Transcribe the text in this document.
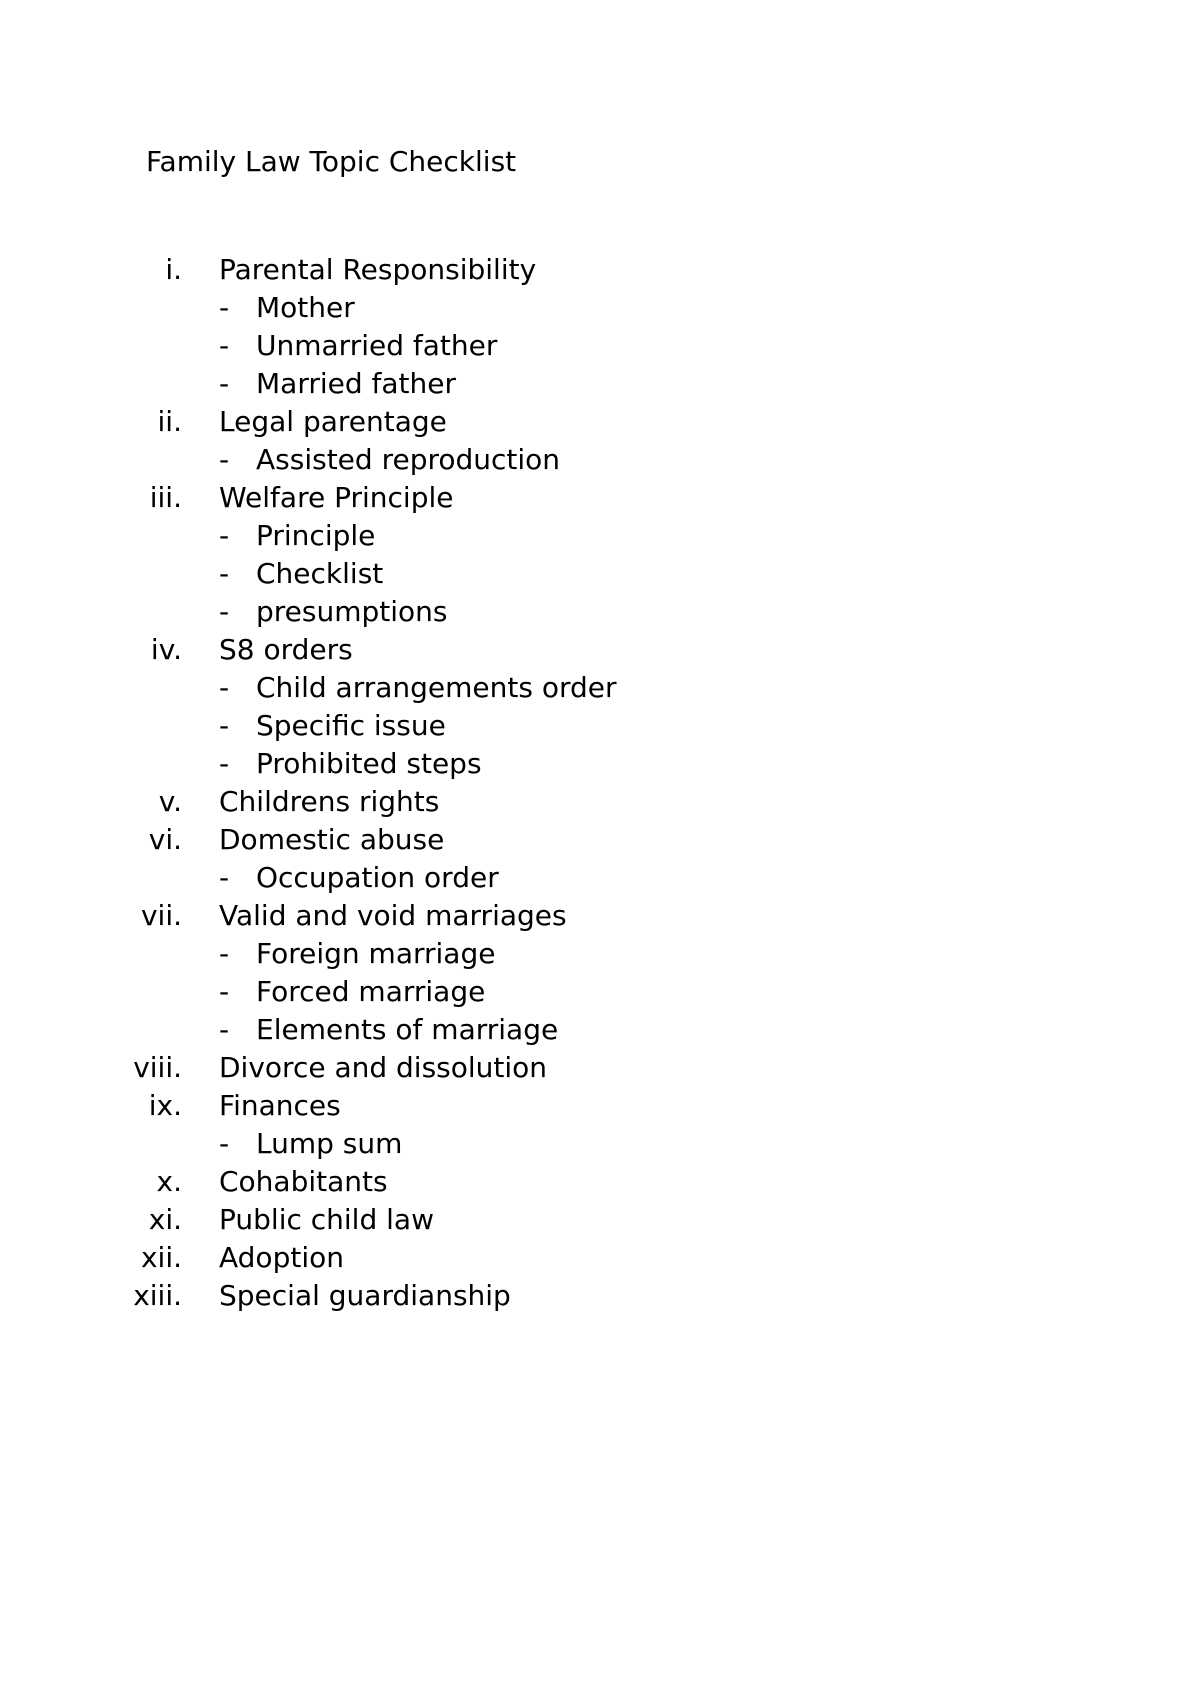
Family Law Topic Checklist
i. Parental Responsibility
- Mother
- Unmarried father
- Married father
ii. Legal parentage
- Assisted reproduction
iii. Welfare Principle
- Principle
- Checklist
- presumptions
iv. S8 orders
- Child arrangements order
- Specific issue
- Prohibited steps
v. Childrens rights
vi. Domestic abuse
- Occupation order
vii. Valid and void marriages
- Foreign marriage
- Forced marriage
- Elements of marriage
viii. Divorce and dissolution
ix. Finances
- Lump sum
x. Cohabitants
xi. Public child law
xii. Adoption
xiii. Special guardianship
